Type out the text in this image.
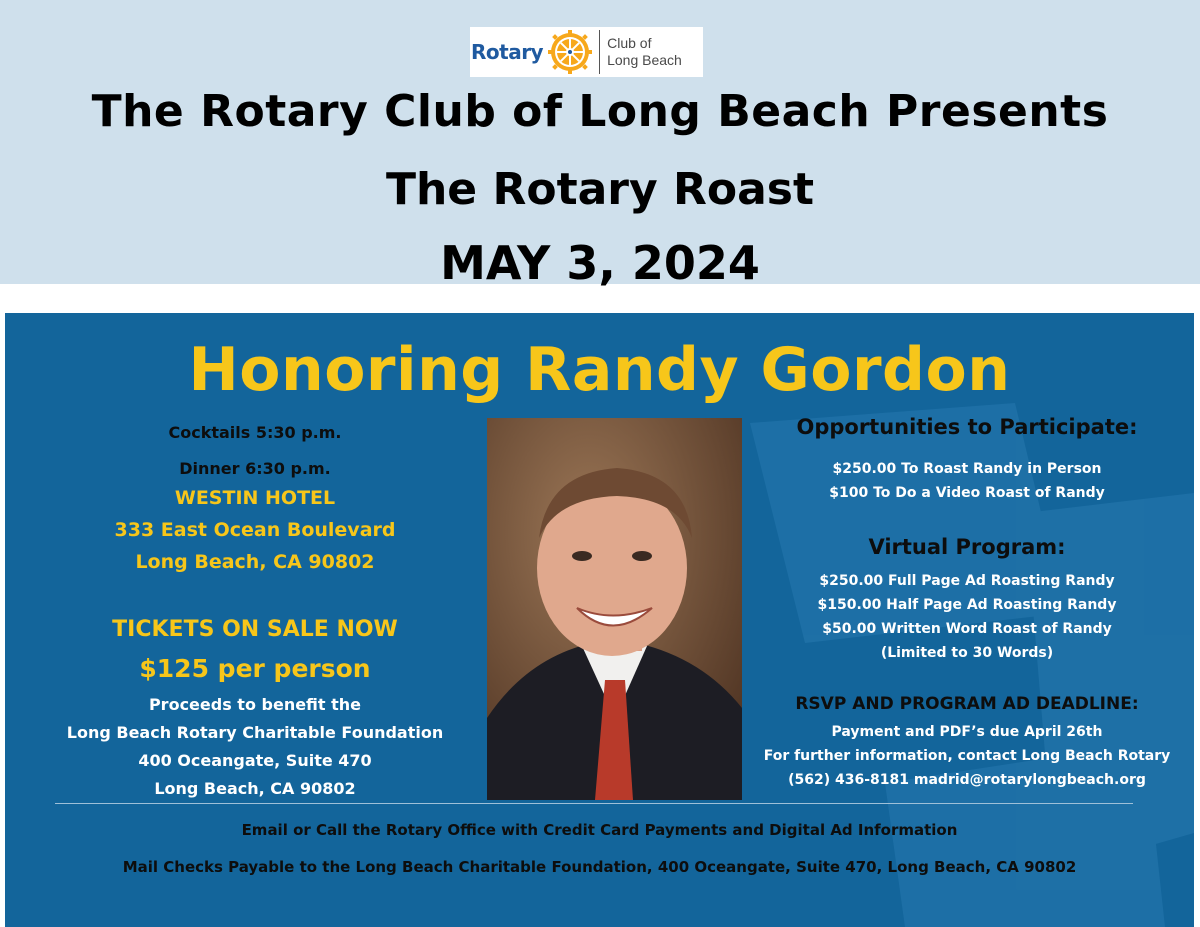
Rotary	Club of
Long Beach
The Rotary Club of Long Beach Presents
The Rotary Roast
MAY 3, 2024
Honoring Randy Gordon
Cocktails 5:30 p.m.
Dinner 6:30 p.m.
WESTIN HOTEL
333 East Ocean Boulevard
Long Beach, CA 90802
TICKETS ON SALE NOW
$125 per person
Proceeds to benefit the
Long Beach Rotary Charitable Foundation
400 Oceangate, Suite 470
Long Beach, CA 90802
Opportunities to Participate:
$250.00 To Roast Randy in Person
$100 To Do a Video Roast of Randy
Virtual Program:
$250.00 Full Page Ad Roasting Randy
$150.00 Half Page Ad Roasting Randy
$50.00 Written Word Roast of Randy
(Limited to 30 Words)
RSVP AND PROGRAM AD DEADLINE:
Payment and PDF’s due April 26th
For further information, contact Long Beach Rotary
(562) 436-8181 madrid@rotarylongbeach.org
Email or Call the Rotary Office with Credit Card Payments and Digital Ad Information
Mail Checks Payable to the Long Beach Charitable Foundation, 400 Oceangate, Suite 470, Long Beach, CA 90802
